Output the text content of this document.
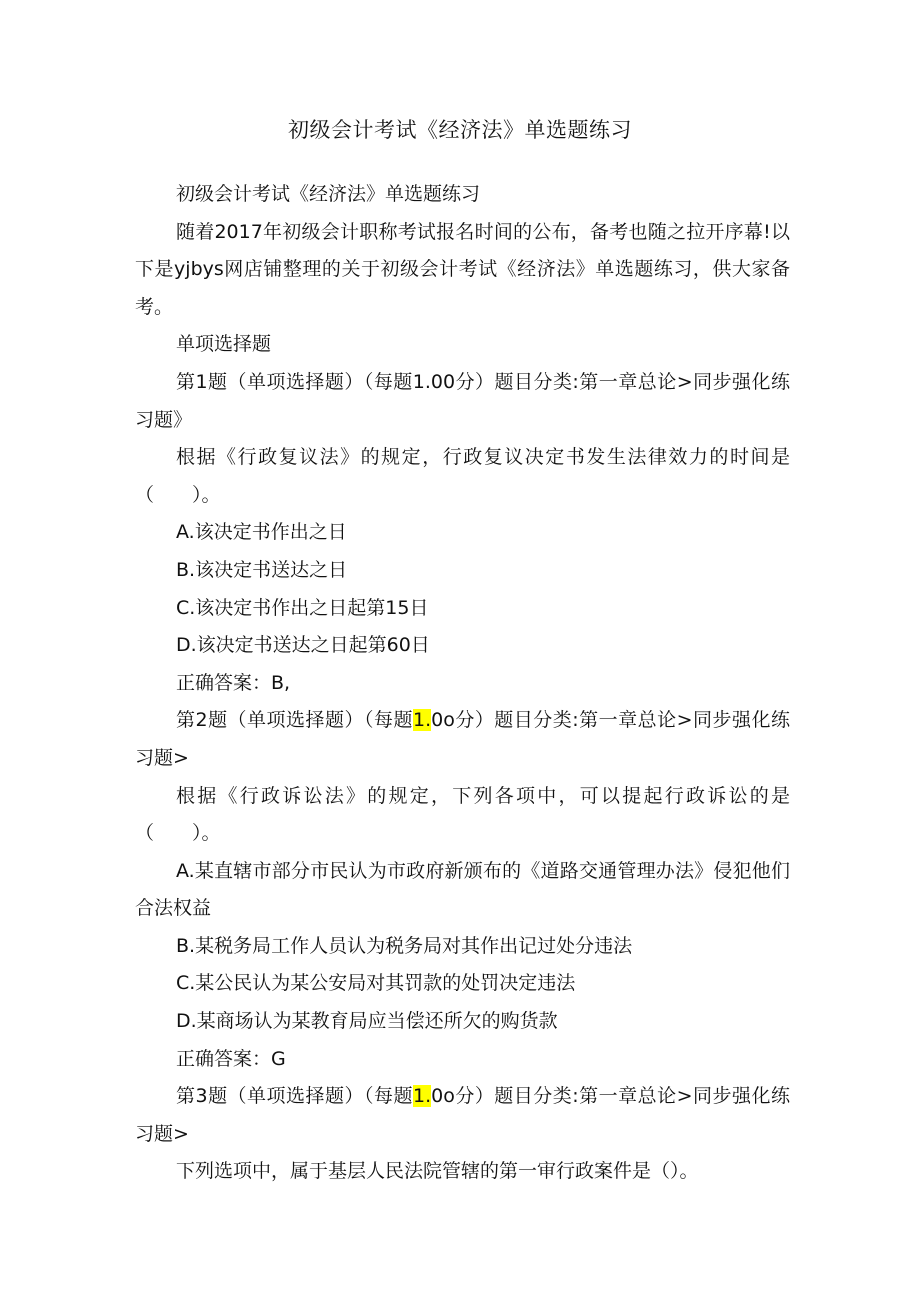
初级会计考试《经济法》单选题练习

初级会计考试《经济法》单选题练习

随着2017年初级会计职称考试报名时间的公布，备考也随之拉开序幕!以下是yjbys网店铺整理的关于初级会计考试《经济法》单选题练习，供大家备考。

单项选择题

第1题（单项选择题）（每题1.00分）题目分类:第一章总论>同步强化练习题》

根据《行政复议法》的规定，行政复议决定书发生法律效力的时间是（　　）。

A.该决定书作出之日

B.该决定书送达之日

C.该决定书作出之日起第15日

D.该决定书送达之日起第60日

正确答案：B,

第2题（单项选择题）（每题1.0o分）题目分类:第一章总论>同步强化练习题>

根据《行政诉讼法》的规定，下列各项中，可以提起行政诉讼的是（　　）。

A.某直辖市部分市民认为市政府新颁布的《道路交通管理办法》侵犯他们合法权益

B.某税务局工作人员认为税务局对其作出记过处分违法

C.某公民认为某公安局对其罚款的处罚决定违法

D.某商场认为某教育局应当偿还所欠的购货款

正确答案：G

第3题（单项选择题）（每题1.0o分）题目分类:第一章总论>同步强化练习题>

下列选项中，属于基层人民法院管辖的第一审行政案件是（）。
